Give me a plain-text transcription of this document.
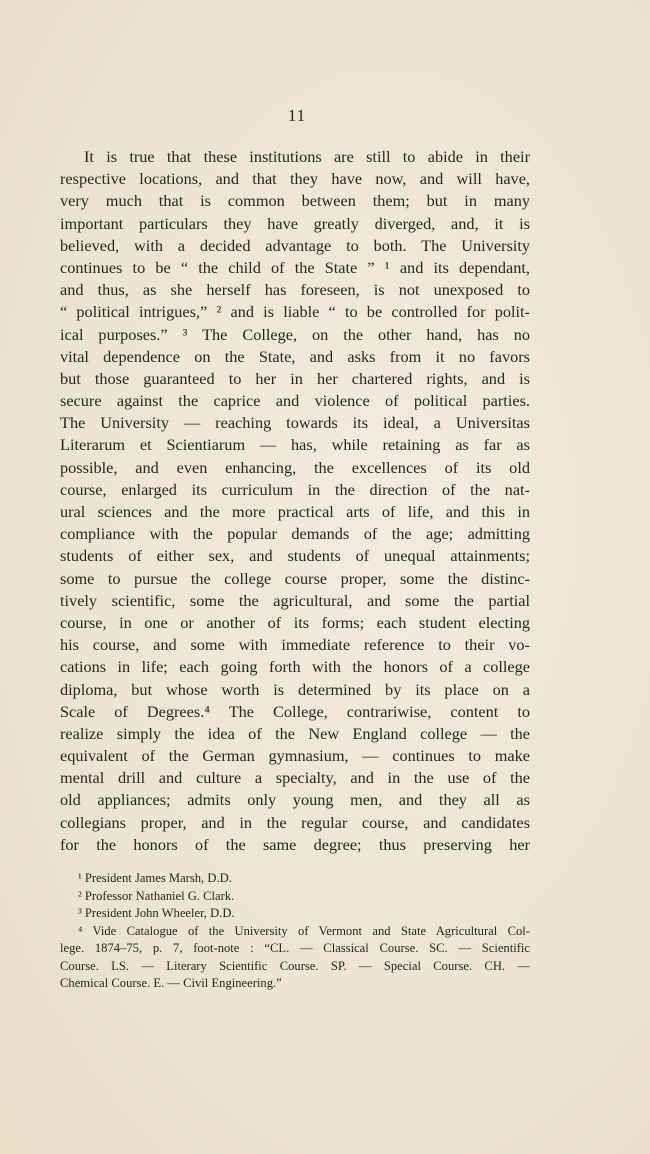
11
It is true that these institutions are still to abide in their
respective locations, and that they have now, and will have,
very much that is common between them; but in many
important particulars they have greatly diverged, and, it is
believed, with a decided advantage to both. The University
continues to be “ the child of the State ” ¹ and its dependant,
and thus, as she herself has foreseen, is not unexposed to
“ political intrigues,” ² and is liable “ to be controlled for polit-
ical purposes.” ³ The College, on the other hand, has no
vital dependence on the State, and asks from it no favors
but those guaranteed to her in her chartered rights, and is
secure against the caprice and violence of political parties.
The University — reaching towards its ideal, a Universitas
Literarum et Scientiarum — has, while retaining as far as
possible, and even enhancing, the excellences of its old
course, enlarged its curriculum in the direction of the nat-
ural sciences and the more practical arts of life, and this in
compliance with the popular demands of the age; admitting
students of either sex, and students of unequal attainments;
some to pursue the college course proper, some the distinc-
tively scientific, some the agricultural, and some the partial
course, in one or another of its forms; each student electing
his course, and some with immediate reference to their vo-
cations in life; each going forth with the honors of a college
diploma, but whose worth is determined by its place on a
Scale of Degrees.⁴ The College, contrariwise, content to
realize simply the idea of the New England college — the
equivalent of the German gymnasium, — continues to make
mental drill and culture a specialty, and in the use of the
old appliances; admits only young men, and they all as
collegians proper, and in the regular course, and candidates
for the honors of the same degree; thus preserving her
¹ President James Marsh, D.D.
² Professor Nathaniel G. Clark.
³ President John Wheeler, D.D.
⁴ Vide Catalogue of the University of Vermont and State Agricultural Col-
lege. 1874–75, p. 7, foot-note : “CL. — Classical Course. SC. — Scientific
Course. LS. — Literary Scientific Course. SP. — Special Course. CH. —
Chemical Course. E. — Civil Engineering.”
